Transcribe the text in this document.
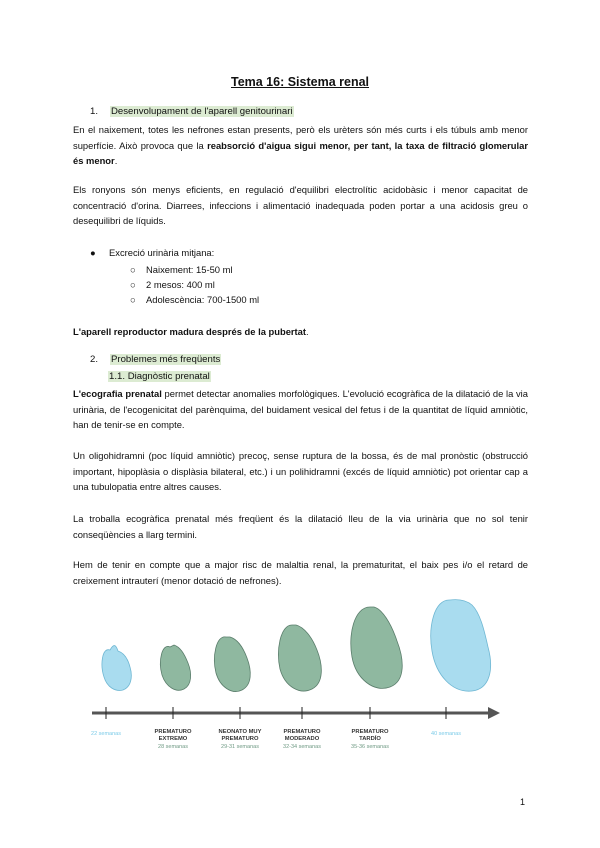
Tema 16: Sistema renal
1. Desenvolupament de l'aparell genitourinari
En el naixement, totes les nefrones estan presents, però els urèters són més curts i els túbuls amb menor superfície. Això provoca que la reabsorció d'aigua sigui menor, per tant, la taxa de filtració glomerular és menor.
Els ronyons són menys eficients, en regulació d'equilibri electrolític acidobàsic i menor capacitat de concentració d'orina. Diarrees, infeccions i alimentació inadequada poden portar a una acidosis greu o desequilibri de líquids.
● Excreció urinària mitjana:
○ Naixement: 15-50 ml
○ 2 mesos: 400 ml
○ Adolescència: 700-1500 ml
L'aparell reproductor madura després de la pubertat.
2. Problemes més freqüents
1.1. Diagnòstic prenatal
L'ecografia prenatal permet detectar anomalies morfològiques. L'evolució ecogràfica de la dilatació de la via urinària, de l'ecogenicitat del parènquima, del buidament vesical del fetus i de la quantitat de líquid amniòtic, han de tenir-se en compte.
Un oligohidramni (poc líquid amniòtic) precoç, sense ruptura de la bossa, és de mal pronòstic (obstrucció important, hipoplàsia o displàsia bilateral, etc.) i un polihidramni (excés de líquid amniòtic) pot orientar cap a una tubulopatia entre altres causes.
La troballa ecogràfica prenatal més freqüent és la dilatació lleu de la via urinària que no sol tenir conseqüències a llarg termini.
Hem de tenir en compte que a major risc de malaltia renal, la prematuritat, el baix pes i/o el retard de creixement intrauterí (menor dotació de nefrones).
22 semanas	PREMATURO
EXTREMO
28 semanas
NEONATO MUY
PREMATURO
29-31 semanas
PREMATURO
MODERADO
32-34 semanas
PREMATURO
TARDÍO
35-36 semanas
40 semanas
1
